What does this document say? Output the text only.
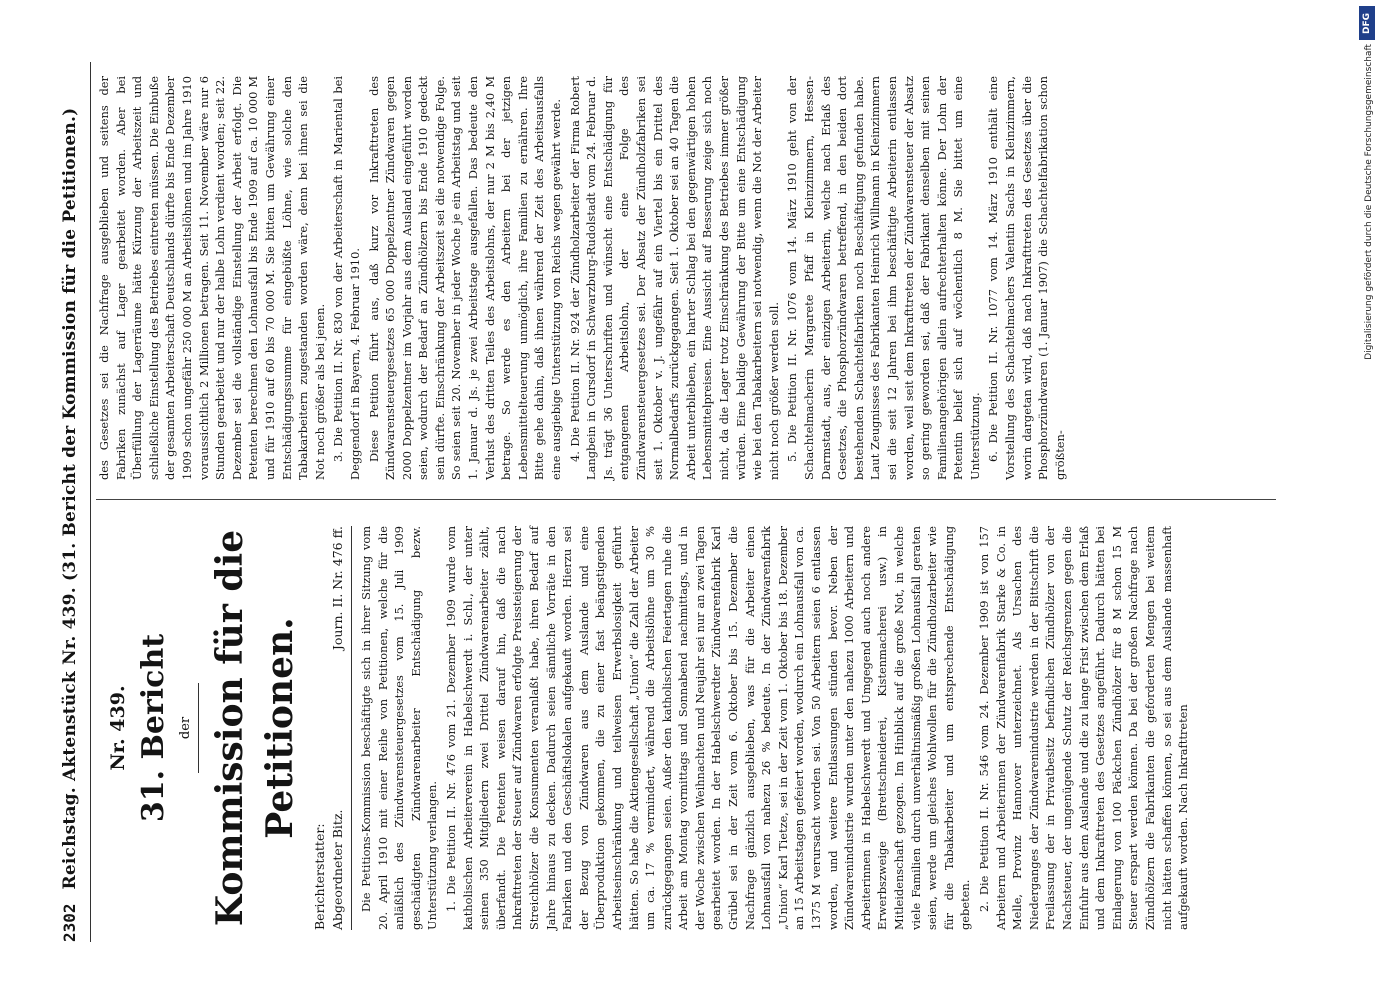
2302
Reichstag. Aktenstück Nr. 439. (31. Bericht der Kommission für die Petitionen.) Nr. 439. 31. Bericht der Kommission für die Petitionen.
Berichterstatter: Abgeordneter Bitz.
Journ. II. Nr. 476 ff. Die Petitions-Kommission beschäftigte sich in ihrer Sitzung vom 20. April 1910 mit einer Reihe von Petitionen, welche für die anläßlich des Zündwarensteuergesetzes vom 15. Juli 1909 geschädigten Zündwarenarbeiter Entschädigung bezw. Unterstützung verlangen. 1. Die Petition II. Nr. 476 vom 21. Dezember 1909 wurde vom katholischen Arbeiterverein in Habelschwerdt i. Schl., der unter seinen 350 Mitgliedern zwei Drittel Zündwarenarbeiter zählt, überfandt. Die Petenten weisen darauf hin, daß die nach Inkrafttreten der Steuer auf Zündwaren erfolgte Preissteigerung der Streichhölzer die Konsumenten veranlaßt habe, ihren Bedarf auf Jahre hinaus zu decken. Dadurch seien sämtliche Vorräte in den Fabriken und den Geschäftslokalen aufgekauft worden. Hierzu sei der Bezug von Zündwaren aus dem Auslande und eine Überproduktion gekommen, die zu einer fast beängstigenden Arbeitseinschränkung und teilweisen Erwerbslosigkeit geführt hätten. So habe die Aktiengesellschaft „Union“ die Zahl der Arbeiter um ca. 17 % vermindert, während die Arbeitslöhne um 30 % zurückgegangen seien. Außer den katholischen Feiertagen ruhe die Arbeit am Montag vormittags und Sonnabend nachmittags, und in der Woche zwischen Weihnachten und Neujahr sei nur an zwei Tagen gearbeitet worden. In der Habelschwerdter Zündwarenfabrik Karl Grübel sei in der Zeit vom 6. Oktober bis 15. Dezember die Nachfrage gänzlich ausgeblieben, was für die Arbeiter einen Lohnausfall von nahezu 26 % bedeute. In der Zündwarenfabrik „Union“ Karl Tietze, sei in der Zeit vom 1. Oktober bis 18. Dezember an 15 Arbeitstagen gefeiert worden, wodurch ein Lohnausfall von ca. 1375 M verursacht worden sei. Von 50 Arbeitern seien 6 entlassen worden, und weitere Entlassungen stünden bevor. Neben der Zündwarenindustrie wurden unter den nahezu 1000 Arbeitern und Arbeiterinnen in Habelschwerdt und Umgegend auch noch andere Erwerbszweige (Brettschneiderei, Kistenmacherei usw.) in Mitleidenschaft gezogen. Im Hinblick auf die große Not, in welche viele Familien durch unverhältnismäßig großen Lohnausfall geraten seien, werde um gleiches Wohlwollen für die Zündholzarbeiter wie für die Tabakarbeiter und um entsprechende Entschädigung gebeten. 2. Die Petition II. Nr. 546 vom 24. Dezember 1909 ist von 157 Arbeitern und Arbeiterinnen der Zündwarenfabrik Starke & Co. in Melle, Provinz Hannover unterzeichnet. Als Ursachen des Niederganges der Zündwarenindustrie werden in der Bittschrift die Freilassung der in Privatbesitz befindlichen Zündhölzer von der Nachsteuer, der ungenügende Schutz der Reichsgrenzen gegen die Einfuhr aus dem Auslande und die zu lange Frist zwischen dem Erlaß und dem Inkrafttreten des Gesetzes angeführt. Dadurch hätten bei Einlagerung von 100 Päckchen Zündhölzer für 8 M schon 15 M Steuer erspart werden können. Da bei der großen Nachfrage nach Zündhölzern die Fabrikanten die geforderten Mengen bei weitem nicht hätten schaffen können, so sei aus dem Auslande massenhaft aufgekauft worden. Nach Inkrafttreten

des Gesetzes sei die Nachfrage ausgeblieben und seitens der Fabriken zunächst auf Lager gearbeitet worden. Aber bei Überfüllung der Lagerräume hätte Kürzung der Arbeitszeit und schließliche Einstellung des Betriebes eintreten müssen. Die Einbuße der gesamten Arbeiterschaft Deutschlands dürfte bis Ende Dezember 1909 schon ungefähr 250 000 M an Arbeitslöhnen und im Jahre 1910 voraussichtlich 2 Millionen betragen. Seit 11. November wäre nur 6 Stunden gearbeitet und nur der halbe Lohn verdient worden; seit 22. Dezember sei die vollständige Einstellung der Arbeit erfolgt. Die Petenten berechnen den Lohnausfall bis Ende 1909 auf ca. 10 000 M und für 1910 auf 60 bis 70 000 M. Sie bitten um Gewährung einer Entschädigungssumme für eingebüßte Löhne, wie solche den Tabakarbeitern zugestanden worden wäre, denn bei ihnen sei die Not noch größer als bei jenen. 3. Die Petition II. Nr. 830 von der Arbeiterschaft in Mariental bei Deggendorf in Bayern, 4. Februar 1910. Diese Petition führt aus, daß kurz vor Inkrafttreten des Zündwarensteuergesetzes 65 000 Doppelzentner Zündwaren gegen 2000 Doppelzentner im Vorjahr aus dem Ausland eingeführt worden seien, wodurch der Bedarf an Zündhölzern bis Ende 1910 gedeckt sein dürfte. Einschränkung der Arbeitszeit sei die notwendige Folge. So seien seit 20. November in jeder Woche je ein Arbeitstag und seit 1. Januar d. Js. je zwei Arbeitstage ausgefallen. Das bedeute den Verlust des dritten Teiles des Arbeitslohns, der nur 2 M bis 2,40 M betrage. So werde es den Arbeitern bei der jetzigen Lebensmittelteuerung unmöglich, ihre Familien zu ernähren. Ihre Bitte gehe dahin, daß ihnen während der Zeit des Arbeitsausfalls eine ausgiebige Unterstützung von Reichs wegen gewährt werde. 4. Die Petition II. Nr. 924 der Zündholzarbeiter der Firma Robert Langbein in Cursdorf in Schwarzburg-Rudolstadt vom 24. Februar d. Js. trägt 36 Unterschriften und wünscht eine Entschädigung für entgangenen Arbeitslohn, der eine Folge des Zündwarensteuergesetzes sei. Der Absatz der Zündholzfabriken sei seit 1. Oktober v. J. ungefähr auf ein Viertel bis ein Drittel des Normalbedarfs zurückgegangen. Seit 1. Oktober sei an 40 Tagen die Arbeit unterblieben, ein harter Schlag bei den gegenwärtigen hohen Lebensmittelpreisen. Eine Aussicht auf Besserung zeige sich noch nicht, da die Lager trotz Einschränkung des Betriebes immer größer würden. Eine baldige Gewährung der Bitte um eine Entschädigung wie bei den Tabakarbeitern sei notwendig, wenn die Not der Arbeiter nicht noch größer werden soll. 5. Die Petition II. Nr. 1076 vom 14. März 1910 geht von der Schachtelmacherin Margarete Pfaff in Kleinzimmern, Hessen-Darmstadt, aus, der einzigen Arbeiterin, welche nach Erlaß des Gesetzes, die Phosphorzündwaren betreffend, in den beiden dort bestehenden Schachtelfabriken noch Beschäftigung gefunden habe. Laut Zeugnisses des Fabrikanten Heinrich Willmann in Kleinzimmern sei die seit 12 Jahren bei ihm beschäftigte Arbeiterin entlassen worden, weil seit dem Inkrafttreten der Zündwarensteuer der Absatz so gering geworden sei, daß der Fabrikant denselben mit seinen Familienangehörigen allein aufrechterhalten könne. Der Lohn der Petentin belief sich auf wöchentlich 8 M. Sie bittet um eine Unterstützung. 6. Die Petition II. Nr. 1077 vom 14. März 1910 enthält eine Vorstellung des Schachtelmachers Valentin Sachs in Kleinzimmern, worin dargetan wird, daß nach Inkrafttreten des Gesetzes über die Phosphorzündwaren (1. Januar 1907) die Schachtelfabrikation schon größten-

DFG
Digitalisierung gefördert durch die Deutsche Forschungsgemeinschaft
